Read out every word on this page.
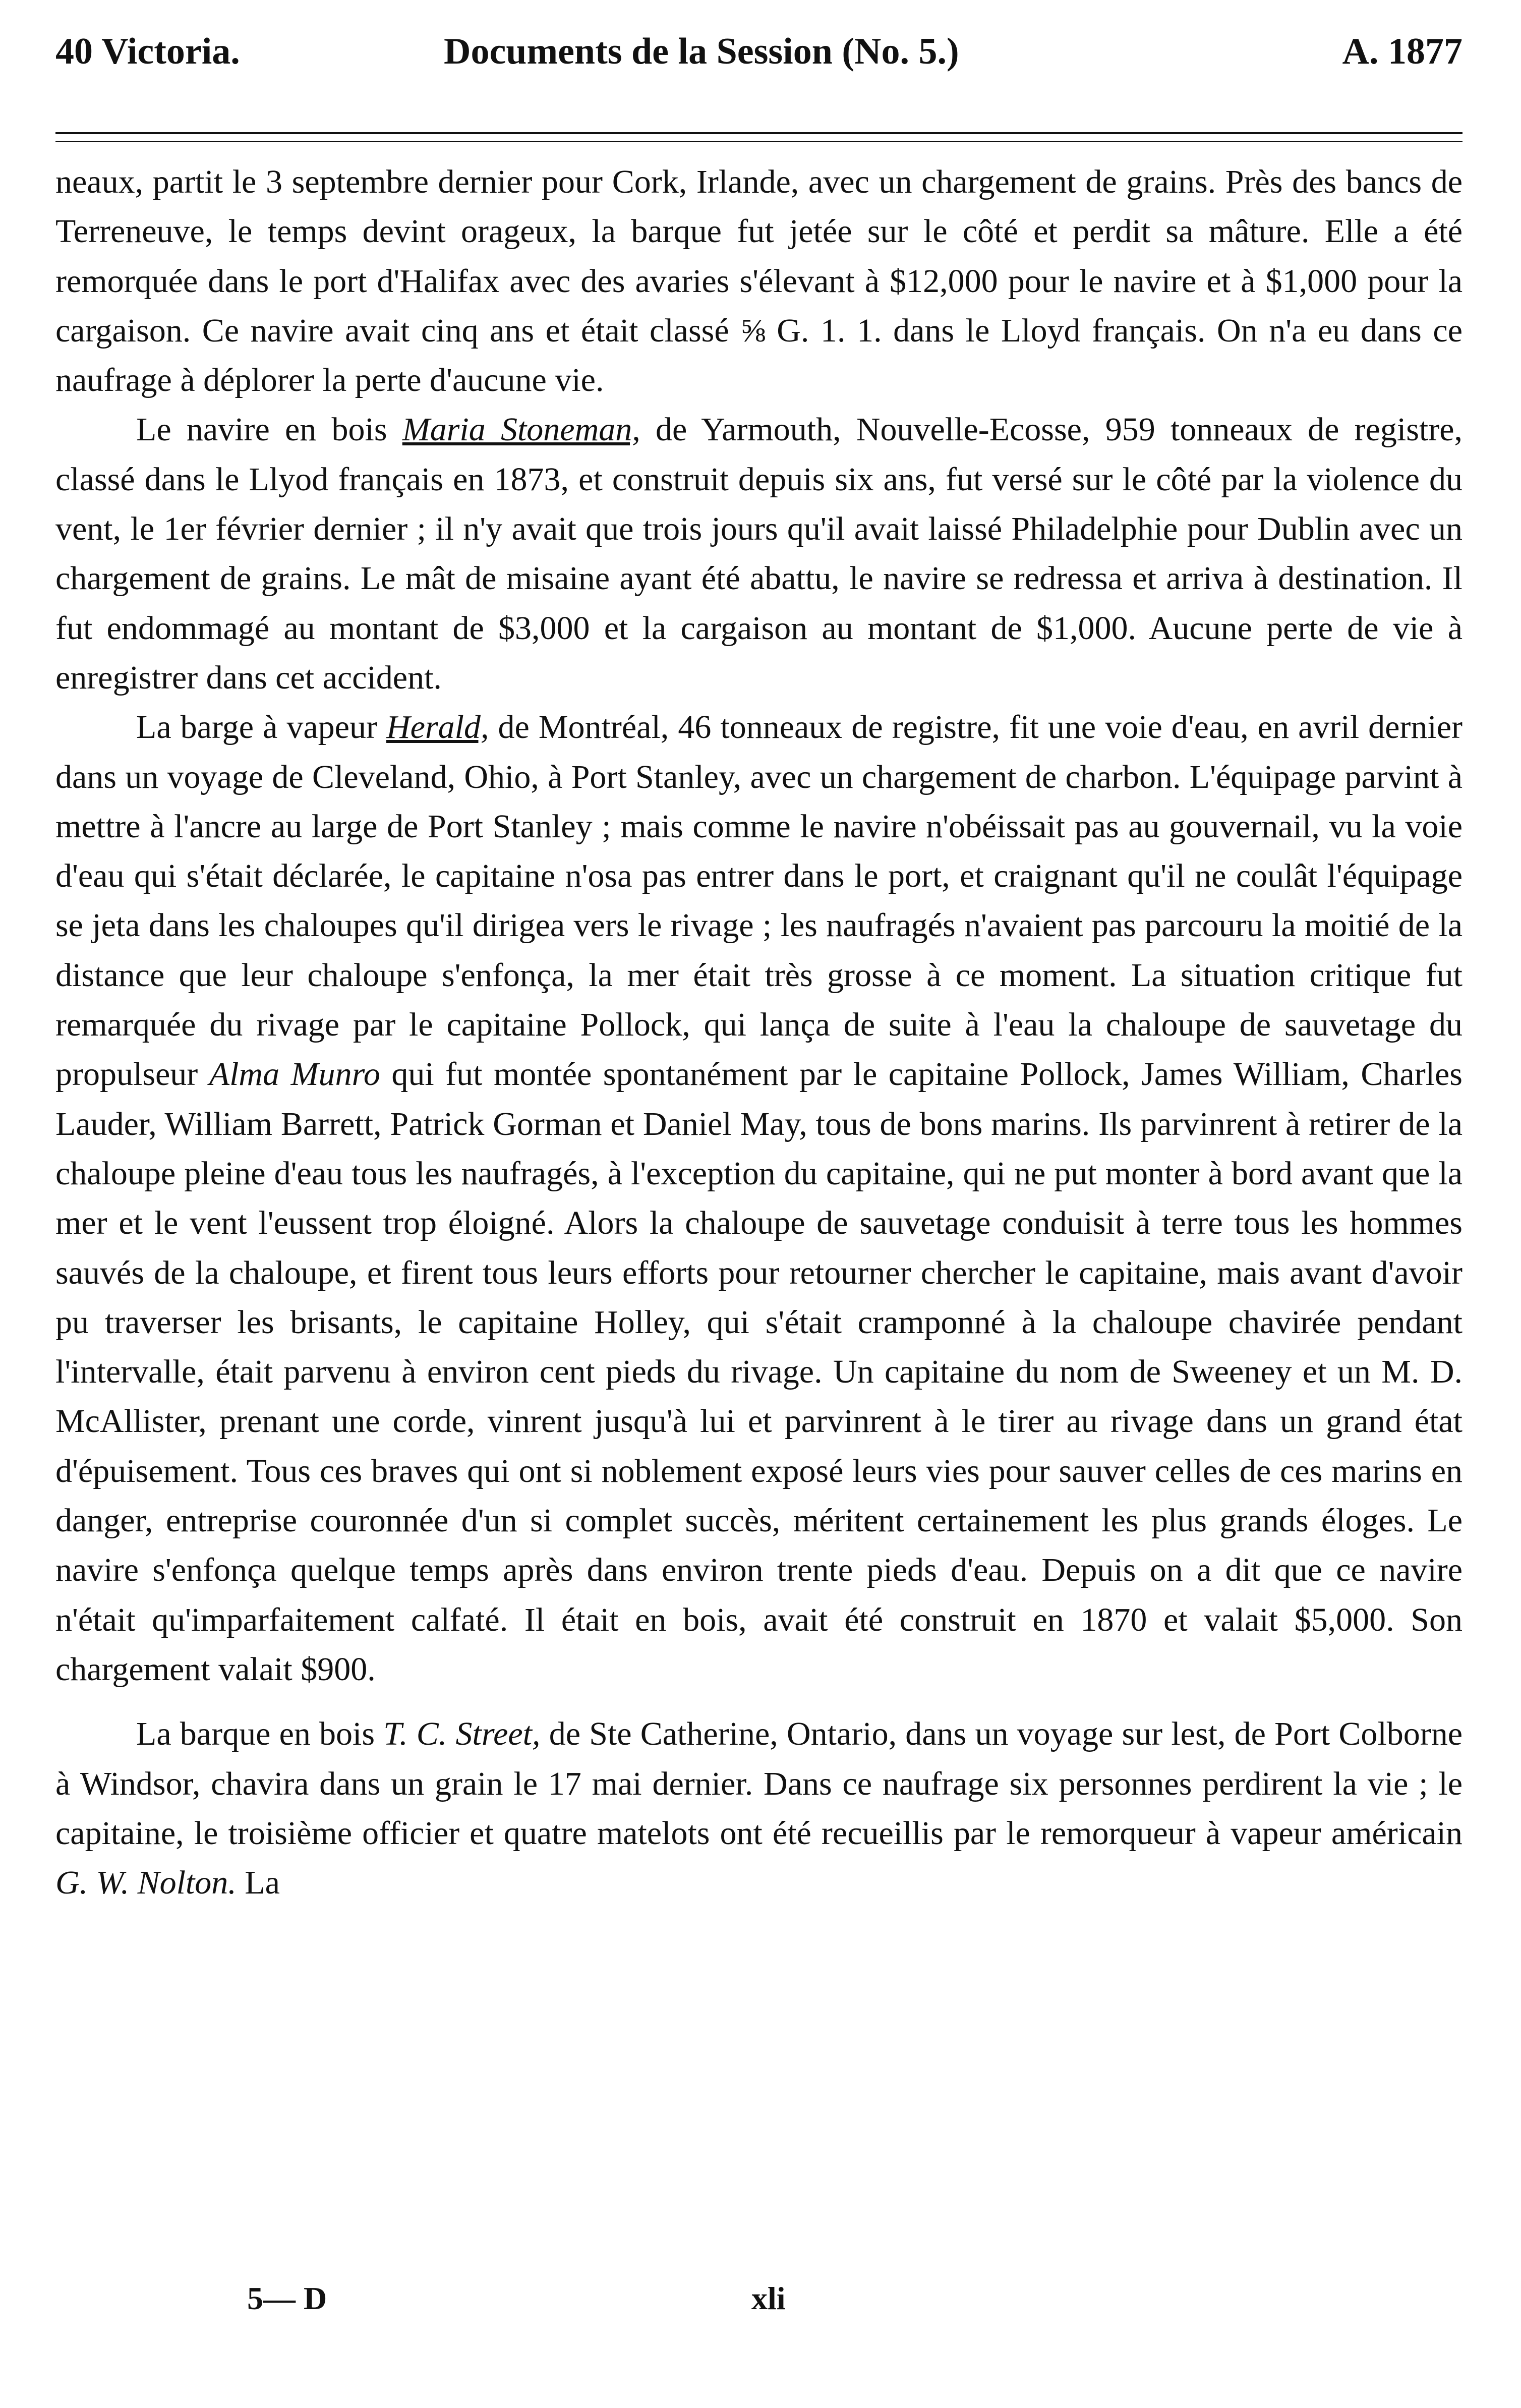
40 Victoria.	Documents de la Session (No. 5.)	A. 1877

neaux, partit le 3 septembre dernier pour Cork, Irlande, avec un chargement de grains. Près des bancs de Terreneuve, le temps devint orageux, la barque fut jetée sur le côté et perdit sa mâture. Elle a été remorquée dans le port d'Halifax avec des avaries s'élevant à $12,000 pour le navire et à $1,000 pour la cargaison. Ce navire avait cinq ans et était classé ⅝ G. 1. 1. dans le Lloyd français. On n'a eu dans ce naufrage à déplorer la perte d'aucune vie.

Le navire en bois Maria Stoneman, de Yarmouth, Nouvelle-Ecosse, 959 tonneaux de registre, classé dans le Llyod français en 1873, et construit depuis six ans, fut versé sur le côté par la violence du vent, le 1er février dernier ; il n'y avait que trois jours qu'il avait laissé Philadelphie pour Dublin avec un chargement de grains. Le mât de misaine ayant été abattu, le navire se redressa et arriva à destination. Il fut endommagé au montant de $3,000 et la cargaison au montant de $1,000. Aucune perte de vie à enregistrer dans cet accident.

La barge à vapeur Herald, de Montréal, 46 tonneaux de registre, fit une voie d'eau, en avril dernier dans un voyage de Cleveland, Ohio, à Port Stanley, avec un chargement de charbon. L'équipage parvint à mettre à l'ancre au large de Port Stanley ; mais comme le navire n'obéissait pas au gouvernail, vu la voie d'eau qui s'était déclarée, le capitaine n'osa pas entrer dans le port, et craignant qu'il ne coulât l'équipage se jeta dans les chaloupes qu'il dirigea vers le rivage ; les naufragés n'avaient pas parcouru la moitié de la distance que leur chaloupe s'enfonça, la mer était très grosse à ce moment. La situation critique fut remarquée du rivage par le capitaine Pollock, qui lança de suite à l'eau la chaloupe de sauvetage du propulseur Alma Munro qui fut montée spontanément par le capitaine Pollock, James William, Charles Lauder, William Barrett, Patrick Gorman et Daniel May, tous de bons marins. Ils parvinrent à retirer de la chaloupe pleine d'eau tous les naufragés, à l'exception du capitaine, qui ne put monter à bord avant que la mer et le vent l'eussent trop éloigné. Alors la chaloupe de sauvetage conduisit à terre tous les hommes sauvés de la chaloupe, et firent tous leurs efforts pour retourner chercher le capitaine, mais avant d'avoir pu traverser les brisants, le capitaine Holley, qui s'était cramponné à la chaloupe chavirée pendant l'intervalle, était parvenu à environ cent pieds du rivage. Un capitaine du nom de Sweeney et un M. D. McAllister, prenant une corde, vinrent jusqu'à lui et parvinrent à le tirer au rivage dans un grand état d'épuisement. Tous ces braves qui ont si noblement exposé leurs vies pour sauver celles de ces marins en danger, entreprise couronnée d'un si complet succès, méritent certainement les plus grands éloges. Le navire s'enfonça quelque temps après dans environ trente pieds d'eau. Depuis on a dit que ce navire n'était qu'imparfaitement calfaté. Il était en bois, avait été construit en 1870 et valait $5,000. Son chargement valait $900.

La barque en bois T. C. Street, de Ste Catherine, Ontario, dans un voyage sur lest, de Port Colborne à Windsor, chavira dans un grain le 17 mai dernier. Dans ce naufrage six personnes perdirent la vie ; le capitaine, le troisième officier et quatre matelots ont été recueillis par le remorqueur à vapeur américain G. W. Nolton. La

5— D	xli
